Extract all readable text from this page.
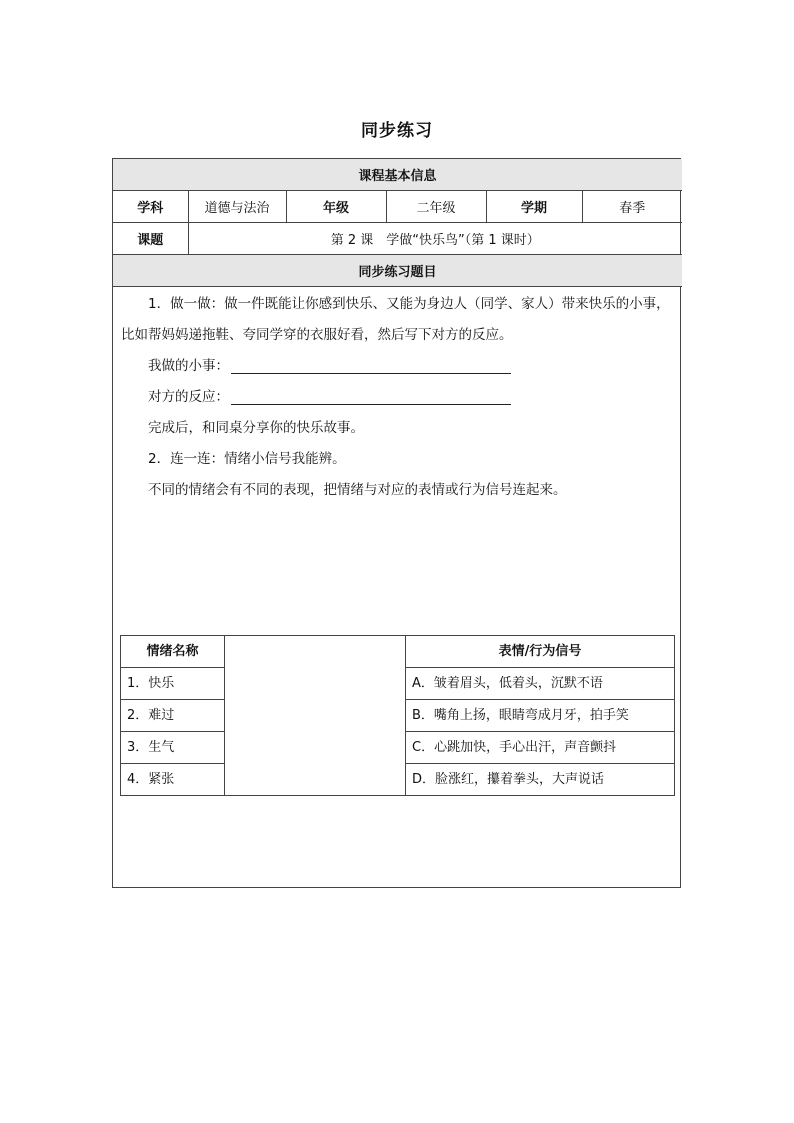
同步练习
课程基本信息					
学科	道德与法治	年级	二年级	学期	春季
课题	第 2 课　学做“快乐鸟”（第 1 课时）				
同步练习题目					

1．做一做：做一件既能让你感到快乐、又能为身边人（同学、家人）带来快乐的小事，比如帮妈妈递拖鞋、夸同学穿的衣服好看，然后写下对方的反应。

我做的小事：

对方的反应：

完成后，和同桌分享你的快乐故事。

2．连一连：情绪小信号我能辨。

不同的情绪会有不同的表现，把情绪与对应的表情或行为信号连起来。

情绪名称		表情/行为信号
1．快乐		A．皱着眉头，低着头，沉默不语
2．难过		B．嘴角上扬，眼睛弯成月牙，拍手笑
3．生气		C．心跳加快，手心出汗，声音颤抖
4．紧张		D．脸涨红，攥着拳头，大声说话
